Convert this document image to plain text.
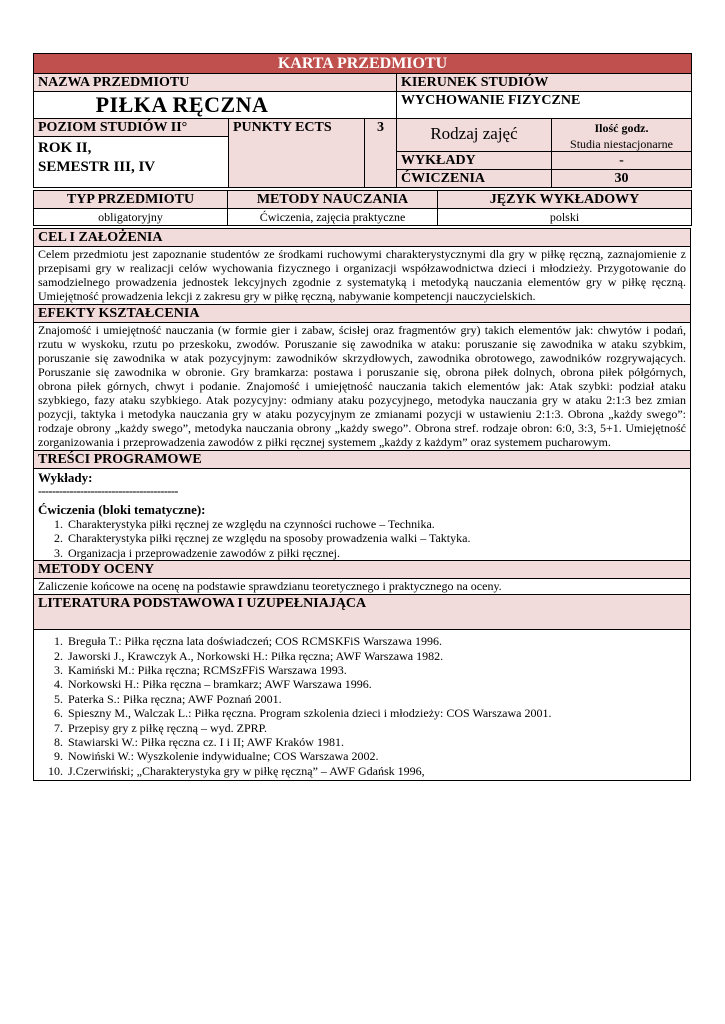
KARTA PRZEDMIOTU				
NAZWA PRZEDMIOTU			KIERUNEK STUDIÓW	
PIŁKA RĘCZNA			WYCHOWANIE FIZYCZNE	
POZIOM STUDIÓW II°	PUNKTY ECTS	3	Rodzaj zajęć	Ilość godz.
Studia niestacjonarne

ROK II,
SEMESTR III, IV				

			WYKŁADY	-
			ĆWICZENIA	30
TYP PRZEDMIOTU	METODY NAUCZANIA	JĘZYK WYKŁADOWY
obligatoryjny	Ćwiczenia, zajęcia praktyczne	polski
CEL I ZAŁOŻENIA
Celem przedmiotu jest zapoznanie studentów ze środkami ruchowymi charakterystycznymi dla gry w piłkę ręczną, zaznajomienie z przepisami gry w realizacji celów wychowania fizycznego i organizacji współzawodnictwa dzieci i młodzieży. Przygotowanie do samodzielnego prowadzenia jednostek lekcyjnych zgodnie z systematyką i metodyką nauczania elementów gry w piłkę ręczną. Umiejętność prowadzenia lekcji z zakresu gry w piłkę ręczną, nabywanie kompetencji nauczycielskich.
EFEKTY KSZTAŁCENIA
Znajomość i umiejętność nauczania (w formie gier i zabaw, ścisłej oraz fragmentów gry) takich elementów jak: chwytów i podań, rzutu w wyskoku, rzutu po przeskoku, zwodów. Poruszanie się zawodnika w ataku: poruszanie się zawodnika w ataku szybkim, poruszanie się zawodnika w atak pozycyjnym: zawodników skrzydłowych, zawodnika obrotowego, zawodników rozgrywających. Poruszanie się zawodnika w obronie. Gry bramkarza: postawa i poruszanie się, obrona piłek dolnych, obrona piłek półgórnych, obrona piłek górnych, chwyt i podanie. Znajomość i umiejętność nauczania takich elementów jak: Atak szybki: podział ataku szybkiego, fazy ataku szybkiego. Atak pozycyjny: odmiany ataku pozycyjnego, metodyka nauczania gry w ataku 2:1:3 bez zmian pozycji, taktyka i metodyka nauczania gry w ataku pozycyjnym ze zmianami pozycji w ustawieniu 2:1:3. Obrona „każdy swego”: rodzaje obrony „każdy swego”, metodyka nauczania obrony „każdy swego”. Obrona stref. rodzaje obron: 6:0, 3:3, 5+1. Umiejętność zorganizowania i przeprowadzenia zawodów z piłki ręcznej systemem „każdy z każdym” oraz systemem pucharowym.
TREŚCI PROGRAMOWE

Wykłady:
----------------------------------------
Ćwiczenia (bloki tematyczne):
1. Charakterystyka piłki ręcznej ze względu na czynności ruchowe – Technika.
2. Charakterystyka piłki ręcznej ze względu na sposoby prowadzenia walki – Taktyka.
3. Organizacja i przeprowadzenie zawodów z piłki ręcznej.

METODY OCENY
Zaliczenie końcowe na ocenę na podstawie sprawdzianu teoretycznego i praktycznego na oceny.
LITERATURA PODSTAWOWA I UZUPEŁNIAJĄCA

1. Breguła T.: Piłka ręczna lata doświadczeń; COS RCMSKFiS Warszawa 1996.
2. Jaworski J., Krawczyk A., Norkowski H.: Piłka ręczna; AWF Warszawa 1982.
3. Kamiński M.: Piłka ręczna; RCMSzFFiS Warszawa 1993.
4. Norkowski H.: Piłka ręczna – bramkarz; AWF Warszawa 1996.
5. Paterka S.: Piłka ręczna; AWF Poznań 2001.
6. Spieszny M., Walczak L.: Piłka ręczna. Program szkolenia dzieci i młodzieży: COS Warszawa 2001.
7. Przepisy gry z piłkę ręczną – wyd. ZPRP.
8. Stawiarski W.: Piłka ręczna cz. I i II; AWF Kraków 1981.
9. Nowiński W.: Wyszkolenie indywidualne; COS Warszawa 2002.
10. J.Czerwiński; „Charakterystyka gry w piłkę ręczną” – AWF Gdańsk 1996,
